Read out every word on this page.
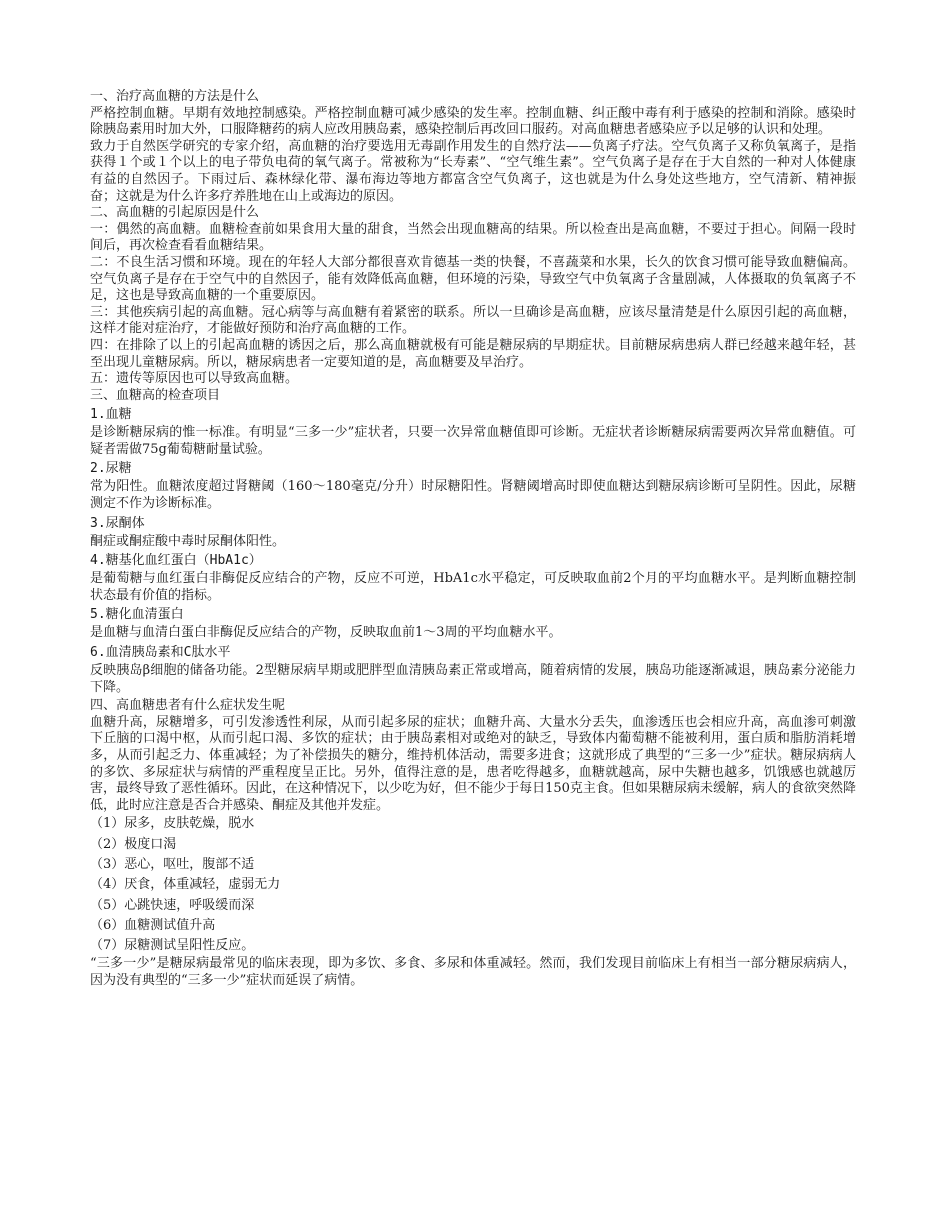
一、治疗高血糖的方法是什么

严格控制血糖。早期有效地控制感染。严格控制血糖可减少感染的发生率。控制血糖、纠正酸中毒有利于感染的控制和消除。感染时除胰岛素用时加大外，口服降糖药的病人应改用胰岛素，感染控制后再改回口服药。对高血糖患者感染应予以足够的认识和处理。

致力于自然医学研究的专家介绍，高血糖的治疗要选用无毒副作用发生的自然疗法——负离子疗法。空气负离子又称负氧离子，是指获得１个或１个以上的电子带负电荷的氧气离子。常被称为“长寿素”、“空气维生素”。空气负离子是存在于大自然的一种对人体健康有益的自然因子。下雨过后、森林绿化带、瀑布海边等地方都富含空气负离子，这也就是为什么身处这些地方，空气清新、精神振奋；这就是为什么许多疗养胜地在山上或海边的原因。

二、高血糖的引起原因是什么

一：偶然的高血糖。血糖检查前如果食用大量的甜食，当然会出现血糖高的结果。所以检查出是高血糖，不要过于担心。间隔一段时间后，再次检查看看血糖结果。

二：不良生活习惯和环境。现在的年轻人大部分都很喜欢肯德基一类的快餐，不喜蔬菜和水果，长久的饮食习惯可能导致血糖偏高。空气负离子是存在于空气中的自然因子，能有效降低高血糖，但环境的污染，导致空气中负氧离子含量剧减，人体摄取的负氧离子不足，这也是导致高血糖的一个重要原因。

三：其他疾病引起的高血糖。冠心病等与高血糖有着紧密的联系。所以一旦确诊是高血糖，应该尽量清楚是什么原因引起的高血糖，这样才能对症治疗，才能做好预防和治疗高血糖的工作。

四：在排除了以上的引起高血糖的诱因之后，那么高血糖就极有可能是糖尿病的早期症状。目前糖尿病患病人群已经越来越年轻，甚至出现儿童糖尿病。所以，糖尿病患者一定要知道的是，高血糖要及早治疗。

五：遗传等原因也可以导致高血糖。

三、血糖高的检查项目

1.血糖

是诊断糖尿病的惟一标准。有明显“三多一少”症状者，只要一次异常血糖值即可诊断。无症状者诊断糖尿病需要两次异常血糖值。可疑者需做75g葡萄糖耐量试验。

2.尿糖

常为阳性。血糖浓度超过肾糖阈（160～180毫克/分升）时尿糖阳性。肾糖阈增高时即使血糖达到糖尿病诊断可呈阴性。因此，尿糖测定不作为诊断标准。

3.尿酮体

酮症或酮症酸中毒时尿酮体阳性。

4.糖基化血红蛋白（HbA1c）

是葡萄糖与血红蛋白非酶促反应结合的产物，反应不可逆，HbA1c水平稳定，可反映取血前2个月的平均血糖水平。是判断血糖控制状态最有价值的指标。

5.糖化血清蛋白

是血糖与血清白蛋白非酶促反应结合的产物，反映取血前1～3周的平均血糖水平。

6.血清胰岛素和C肽水平

反映胰岛β细胞的储备功能。2型糖尿病早期或肥胖型血清胰岛素正常或增高，随着病情的发展，胰岛功能逐渐减退，胰岛素分泌能力下降。

四、高血糖患者有什么症状发生呢

血糖升高，尿糖增多，可引发渗透性利尿，从而引起多尿的症状；血糖升高、大量水分丢失，血渗透压也会相应升高，高血渗可刺激下丘脑的口渴中枢，从而引起口渴、多饮的症状；由于胰岛素相对或绝对的缺乏，导致体内葡萄糖不能被利用，蛋白质和脂肪消耗增多，从而引起乏力、体重减轻；为了补偿损失的糖分，维持机体活动，需要多进食；这就形成了典型的“三多一少”症状。糖尿病病人的多饮、多尿症状与病情的严重程度呈正比。另外，值得注意的是，患者吃得越多，血糖就越高，尿中失糖也越多，饥饿感也就越厉害，最终导致了恶性循环。因此，在这种情况下，以少吃为好，但不能少于每日150克主食。但如果糖尿病未缓解，病人的食欲突然降低，此时应注意是否合并感染、酮症及其他并发症。

（1）尿多，皮肤乾燥，脱水

（2）极度口渴

（3）恶心，呕吐，腹部不适

（4）厌食，体重减轻，虚弱无力

（5）心跳快速，呼吸缓而深

（6）血糖测试值升高

（7）尿糖测试呈阳性反应。

“三多一少”是糖尿病最常见的临床表现，即为多饮、多食、多尿和体重减轻。然而，我们发现目前临床上有相当一部分糖尿病病人，因为没有典型的“三多一少”症状而延误了病情。
